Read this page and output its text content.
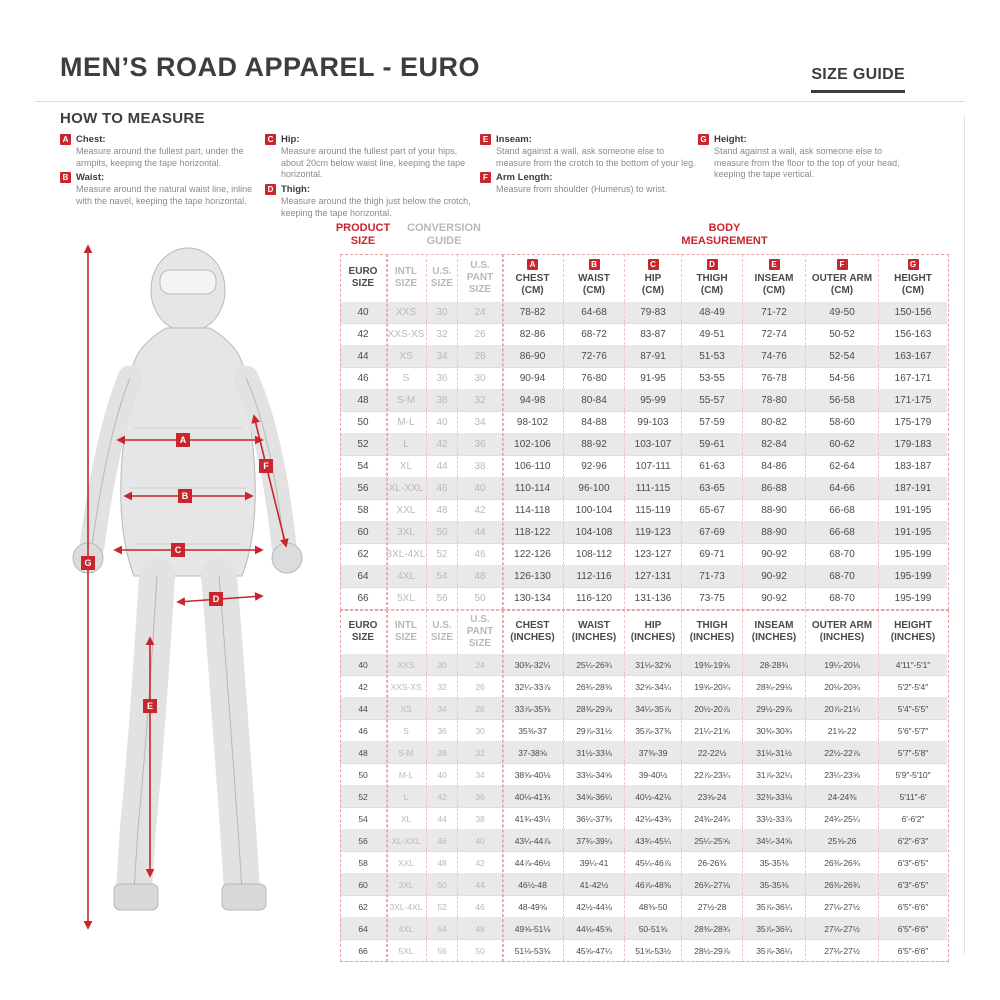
MEN’S ROAD APPAREL - EURO	SIZE GUIDE
HOW TO MEASURE
A Chest:
Measure around the fullest part, under the armpits, keeping the tape horizontal.
B Waist:
Measure around the natural waist line, inline with the navel, keeping the tape horizontal.
C Hip:
Measure around the fullest part of your hips, about 20cm below waist line, keeping the tape horizontal.
D Thigh:
Measure around the thigh just below the crotch, keeping the tape horizontal.
E Inseam:
Stand against a wall, ask someone else to measure from the crotch to the bottom of your leg.
F Arm Length:
Measure from shoulder (Humerus) to wrist.
G Height:
Stand against a wall, ask someone else to measure from the floor to the top of your head, keeping the tape vertical.
A
B
C
D
E
F
G
PRODUCT
SIZE
CONVERSION
GUIDE
BODY
MEASUREMENT
EURO
SIZE
INTL
SIZE
U.S.
SIZE
U.S.
PANT SIZE
A
CHEST
(CM)
B
WAIST
(CM)
C
HIP
(CM)
D
THIGH
(CM)
E
INSEAM
(CM)
F
OUTER ARM
(CM)
G
HEIGHT
(CM)
40	XXS	30	24	78-82	64-68	79-83	48-49	71-72	49-50	150-156
42	XXS-XS	32	26	82-86	68-72	83-87	49-51	72-74	50-52	156-163
44	XS	34	28	86-90	72-76	87-91	51-53	74-76	52-54	163-167
46	S	36	30	90-94	76-80	91-95	53-55	76-78	54-56	167-171
48	S-M	38	32	94-98	80-84	95-99	55-57	78-80	56-58	171-175
50	M-L	40	34	98-102	84-88	99-103	57-59	80-82	58-60	175-179
52	L	42	36	102-106	88-92	103-107	59-61	82-84	60-62	179-183
54	XL	44	38	106-110	92-96	107-111	61-63	84-86	62-64	183-187
56	XL-XXL	46	40	110-114	96-100	111-115	63-65	86-88	64-66	187-191
58	XXL	48	42	114-118	100-104	115-119	65-67	88-90	66-68	191-195
60	3XL	50	44	118-122	104-108	119-123	67-69	88-90	66-68	191-195
62	3XL-4XL	52	46	122-126	108-112	123-127	69-71	90-92	68-70	195-199
64	4XL	54	48	126-130	112-116	127-131	71-73	90-92	68-70	195-199
66	5XL	56	50	130-134	116-120	131-136	73-75	90-92	68-70	195-199
EURO
SIZE
INTL
SIZE
U.S.
SIZE
U.S.
PANT SIZE
CHEST
(INCHES)
WAIST
(INCHES)
HIP
(INCHES)
THIGH
(INCHES)
INSEAM
(INCHES)
OUTER ARM
(INCHES)
HEIGHT
(INCHES)
40	XXS	30	24	30¾-32¼	25¼-26¾	31⅛-32⅝	19⅜-19⅝	28-28¾	19¼-20⅛	4′11″-5′1″
42	XXS-XS	32	26	32¼-33⅞	26¾-28⅜	32⅝-34¼	19⅝-20¼	28¾-29⅛	20⅛-20¾	5′2″-5′4″
44	XS	34	28	33⅞-35⅜	28⅜-29⅞	34¼-35⅞	20½-20⅞	29½-29⅞	20⅞-21¼	5′4″-5′5″
46	S	36	30	35⅜-37	29⅞-31½	35⅞-37⅜	21¼-21⅝	30⅜-30¾	21⅝-22	5′6″-5′7″
48	S-M	38	32	37-38⅝	31½-33⅛	37⅜-39	22-22½	31⅛-31½	22½-22⅞	5′7″-5′8″
50	M-L	40	34	38⅝-40⅛	33⅛-34⅝	39-40½	22⅞-23¼	31⅞-32¼	23¼-23⅝	5′9″-5′10″
52	L	42	36	40⅛-41¾	34⅝-36¼	40½-42⅛	23⅝-24	32⅜-33⅛	24-24⅜	5′11″-6′
54	XL	44	38	41¾-43¼	36¼-37¾	42⅛-43¾	24⅜-24¾	33½-33⅞	24¾-25¼	6′-6′2″
56	XL-XXL	46	40	43¼-44⅞	37¾-39¼	43¾-45¼	25¼-25⅝	34¼-34⅝	25⅝-26	6′2″-6′3″
58	XXL	48	42	44⅞-46½	39¼-41	45¼-46⅞	26-26⅜	35-35⅜	26⅜-26¾	6′3″-6′5″
60	3XL	50	44	46½-48	41-42½	46⅞-48⅜	26¾-27⅛	35-35⅜	26⅜-26¾	6′3″-6′5″
62	3XL-4XL	52	46	48-49⅝	42½-44⅛	48⅜-50	27½-28	35⅞-36¼	27⅛-27½	6′5″-6′6″
64	4XL	54	48	49⅝-51⅛	44⅛-45⅝	50-51⅝	28⅜-28¾	35⅞-36¼	27⅛-27½	6′5″-6′6″
66	5XL	56	50	51⅛-53⅜	45⅝-47¼	51⅝-53½	28½-29⅞	35⅞-36¼	27⅛-27½	6′5″-6′6″
